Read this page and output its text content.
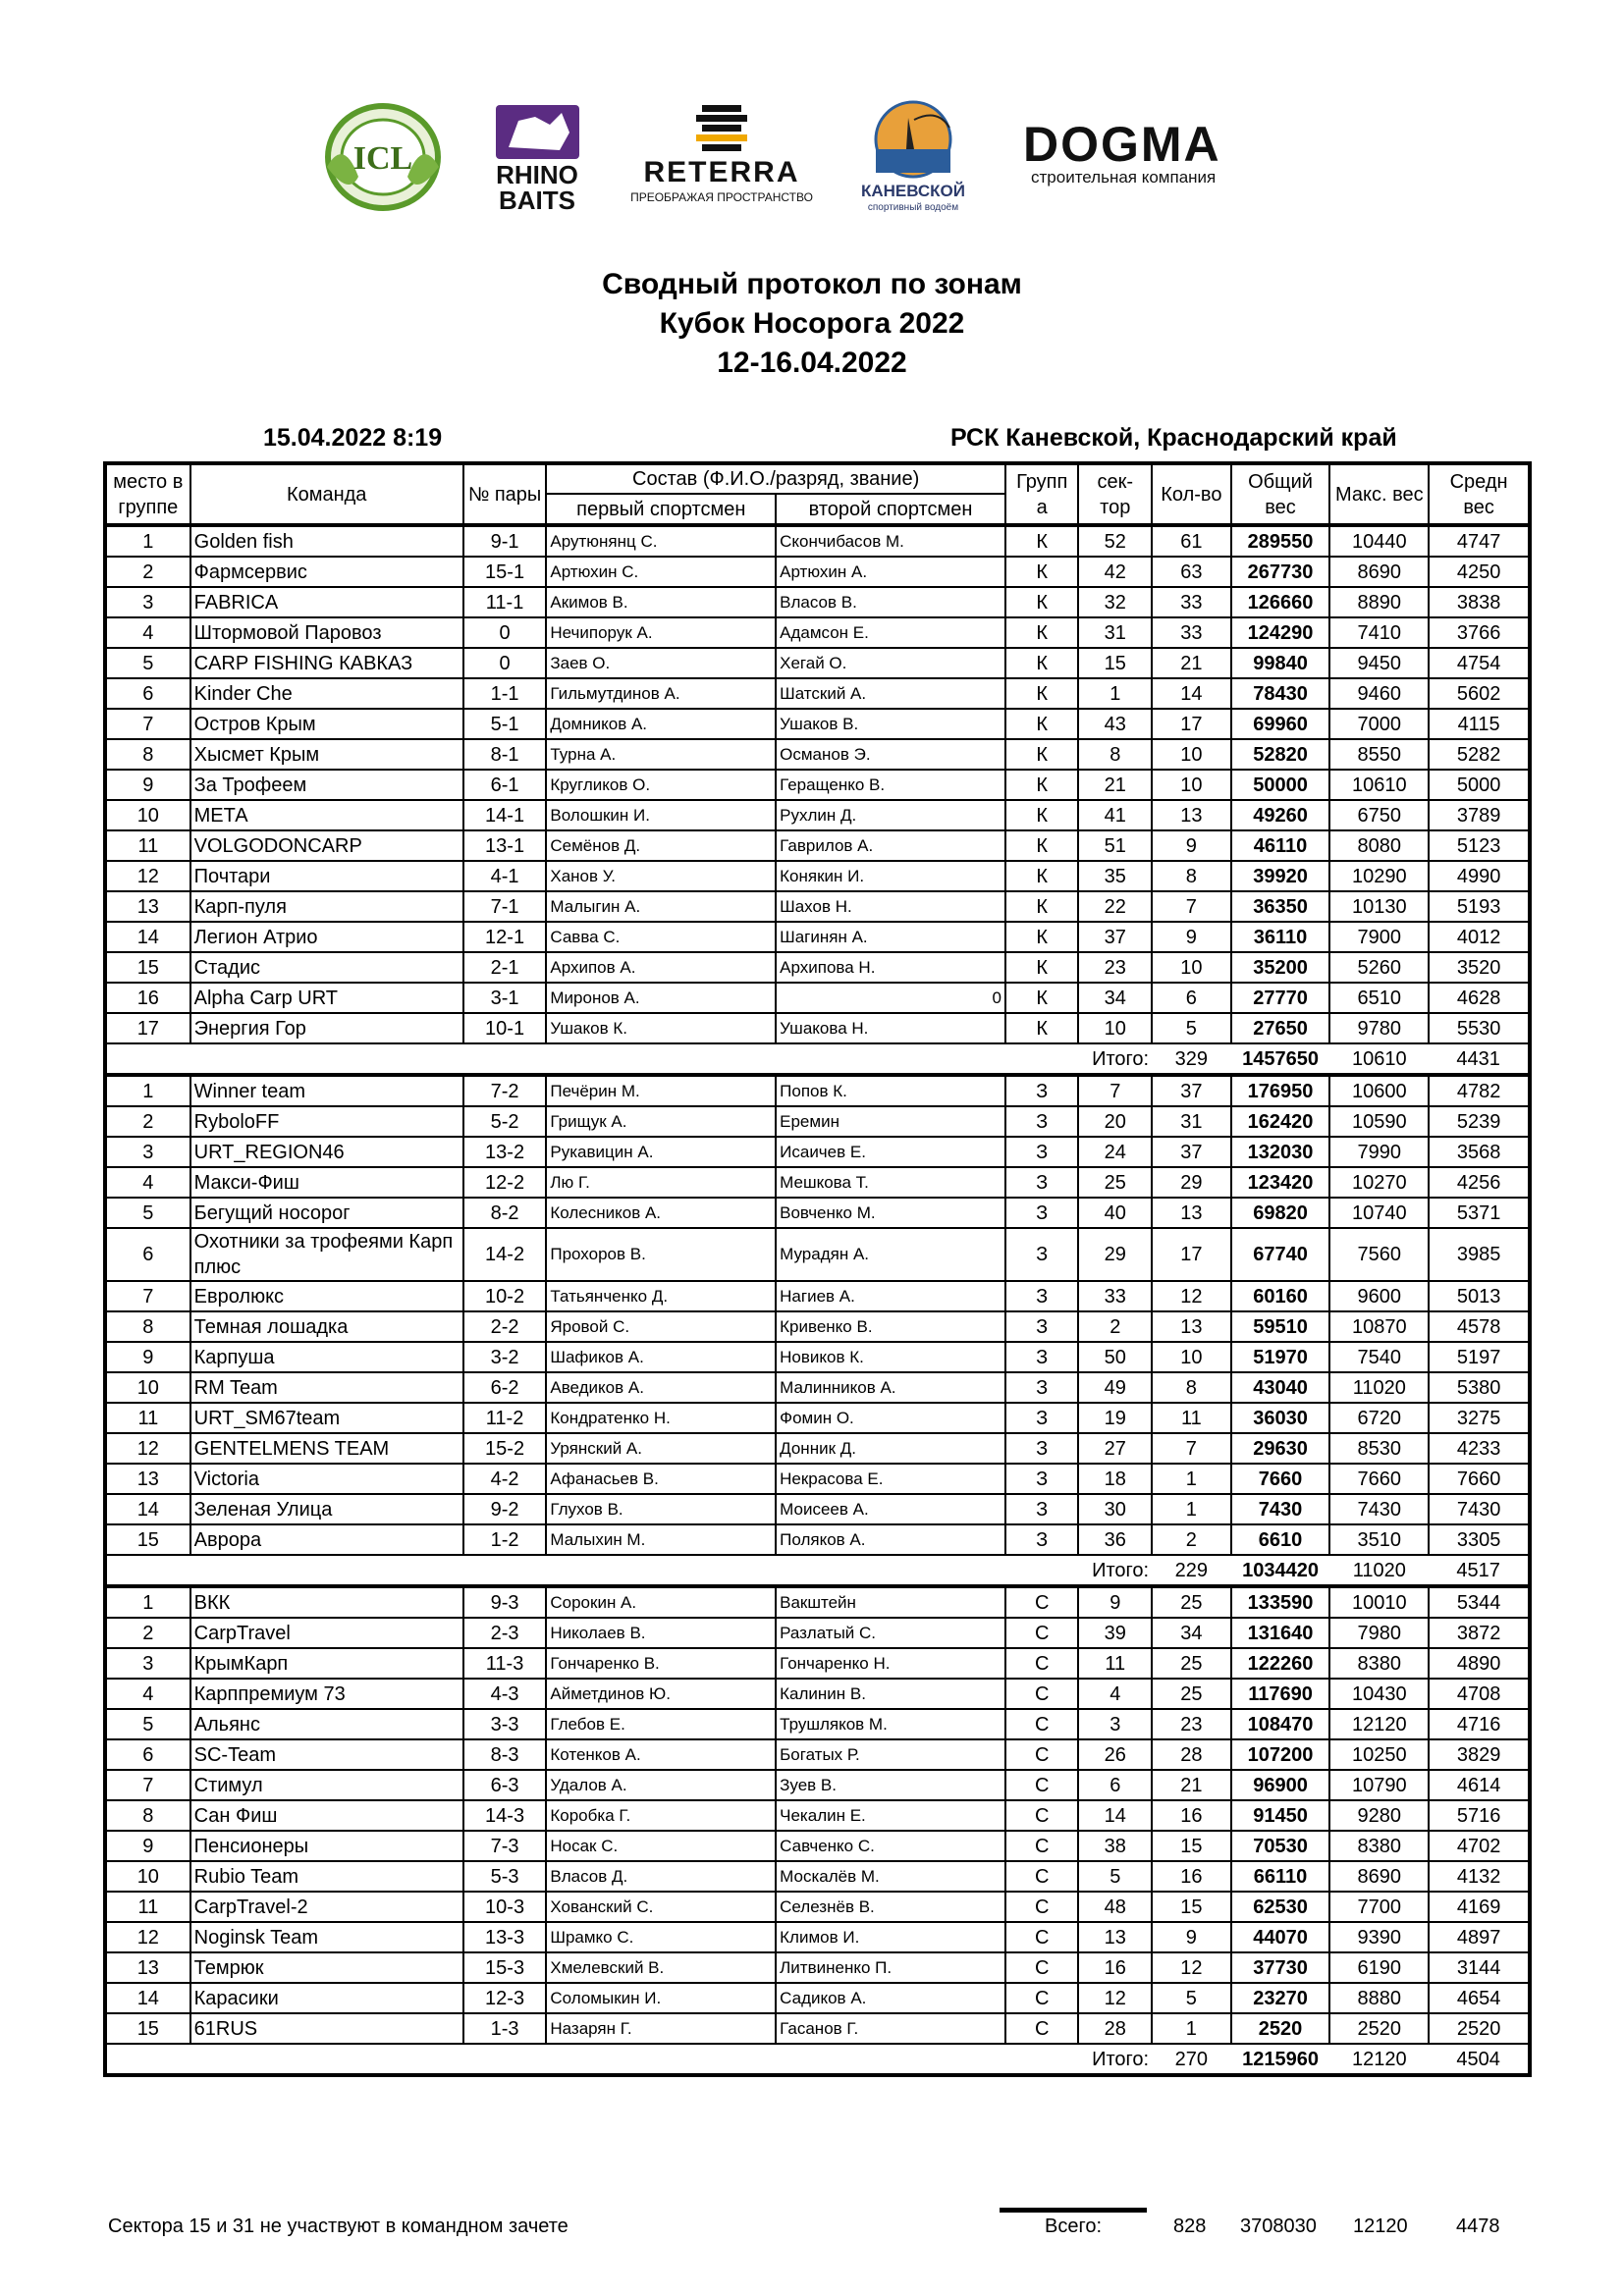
ICL	RHINO
BAITS
RETERRA
ПРЕОБРАЖАЯ ПРОСТРАНСТВО	КАНЕВСКОЙ
спортивный водоём
DOGMA
строительная компания
Сводный протокол по зонам
Кубок Носорога 2022
12-16.04.2022
15.04.2022 8:19	РСК Каневской, Краснодарский край
место в группе	Команда	№ пары	Состав (Ф.И.О./разряд, звание)		Групп а	сек- тор	Кол-во	Общий вес	Макс. вес	Средн вес
			первый спортсмен	второй спортсмен						
1	Golden fish	9-1	Арутюнянц С.	Скончибасов М.	К	52	61	289550	10440	4747
2	Фармсервис	15-1	Артюхин С.	Артюхин А.	К	42	63	267730	8690	4250
3	FABRICA	11-1	Акимов В.	Власов В.	К	32	33	126660	8890	3838
4	Штормовой Паровоз	0	Нечипорук А.	Адамсон Е.	К	31	33	124290	7410	3766
5	CARP FISHING КАВКАЗ	0	Заев О.	Хегай О.	К	15	21	99840	9450	4754
6	Kinder Che	1-1	Гильмутдинов А.	Шатский А.	К	1	14	78430	9460	5602
7	Остров Крым	5-1	Домников А.	Ушаков В.	К	43	17	69960	7000	4115
8	Хысмет Крым	8-1	Турна А.	Османов Э.	К	8	10	52820	8550	5282
9	За Трофеем	6-1	Кругликов О.	Геращенко В.	К	21	10	50000	10610	5000
10	МЕТА	14-1	Волошкин И.	Рухлин Д.	К	41	13	49260	6750	3789
11	VOLGODONCARP	13-1	Семёнов Д.	Гаврилов А.	К	51	9	46110	8080	5123
12	Почтари	4-1	Ханов У.	Конякин И.	К	35	8	39920	10290	4990
13	Карп-пуля	7-1	Малыгин А.	Шахов Н.	К	22	7	36350	10130	5193
14	Легион Атрио	12-1	Савва С.	Шагинян А.	К	37	9	36110	7900	4012
15	Стадис	2-1	Архипов А.	Архипова Н.	К	23	10	35200	5260	3520
16	Alpha Carp URT	3-1	Миронов А.	0	К	34	6	27770	6510	4628
17	Энергия Гор	10-1	Ушаков К.	Ушакова Н.	К	10	5	27650	9780	5530
						Итого:	329	1457650	10610	4431
1	Winner team	7-2	Печёрин М.	Попов К.	З	7	37	176950	10600	4782
2	RyboloFF	5-2	Грищук А.	Еремин	З	20	31	162420	10590	5239
3	URT_REGION46	13-2	Рукавицин А.	Исаичев Е.	З	24	37	132030	7990	3568
4	Макси-Фиш	12-2	Лю Г.	Мешкова Т.	З	25	29	123420	10270	4256
5	Бегущий носорог	8-2	Колесников А.	Вовченко М.	З	40	13	69820	10740	5371
6	Охотники за трофеями Карп плюс	14-2	Прохоров В.	Мурадян А.	З	29	17	67740	7560	3985
7	Евролюкс	10-2	Татьянченко Д.	Нагиев А.	З	33	12	60160	9600	5013
8	Темная лошадка	2-2	Яровой С.	Кривенко В.	З	2	13	59510	10870	4578
9	Карпуша	3-2	Шафиков А.	Новиков К.	З	50	10	51970	7540	5197
10	RM Team	6-2	Аведиков А.	Малинников А.	З	49	8	43040	11020	5380
11	URT_SM67team	11-2	Кондратенко Н.	Фомин О.	З	19	11	36030	6720	3275
12	GENTELMENS TEAM	15-2	Урянский А.	Донник Д.	З	27	7	29630	8530	4233
13	Victoria	4-2	Афанасьев В.	Некрасова Е.	З	18	1	7660	7660	7660
14	Зеленая Улица	9-2	Глухов В.	Моисеев А.	З	30	1	7430	7430	7430
15	Аврора	1-2	Малыхин М.	Поляков А.	З	36	2	6610	3510	3305
						Итого:	229	1034420	11020	4517
1	ВКК	9-3	Сорокин А.	Вакштейн	С	9	25	133590	10010	5344
2	CarpTravel	2-3	Николаев В.	Разлатый С.	С	39	34	131640	7980	3872
3	КрымКарп	11-3	Гончаренко В.	Гончаренко Н.	С	11	25	122260	8380	4890
4	Карппремиум 73	4-3	Айметдинов Ю.	Калинин В.	С	4	25	117690	10430	4708
5	Альянс	3-3	Глебов Е.	Трушляков М.	С	3	23	108470	12120	4716
6	SC-Team	8-3	Котенков А.	Богатых Р.	С	26	28	107200	10250	3829
7	Стимул	6-3	Удалов А.	Зуев В.	С	6	21	96900	10790	4614
8	Сан Фиш	14-3	Коробка Г.	Чекалин Е.	С	14	16	91450	9280	5716
9	Пенсионеры	7-3	Носак С.	Савченко С.	С	38	15	70530	8380	4702
10	Rubio Team	5-3	Власов Д.	Москалёв М.	С	5	16	66110	8690	4132
11	CarpTravel-2	10-3	Хованский С.	Селезнёв В.	С	48	15	62530	7700	4169
12	Noginsk Team	13-3	Шрамко С.	Климов И.	С	13	9	44070	9390	4897
13	Темрюк	15-3	Хмелевский В.	Литвиненко П.	С	16	12	37730	6190	3144
14	Карасики	12-3	Соломыкин И.	Садиков А.	С	12	5	23270	8880	4654
15	61RUS	1-3	Назарян Г.	Гасанов Г.	С	28	1	2520	2520	2520
						Итого:	270	1215960	12120	4504
Сектора 15 и 31 не участвуют в командном зачете	Всего:	828 3708030 12120 4478
